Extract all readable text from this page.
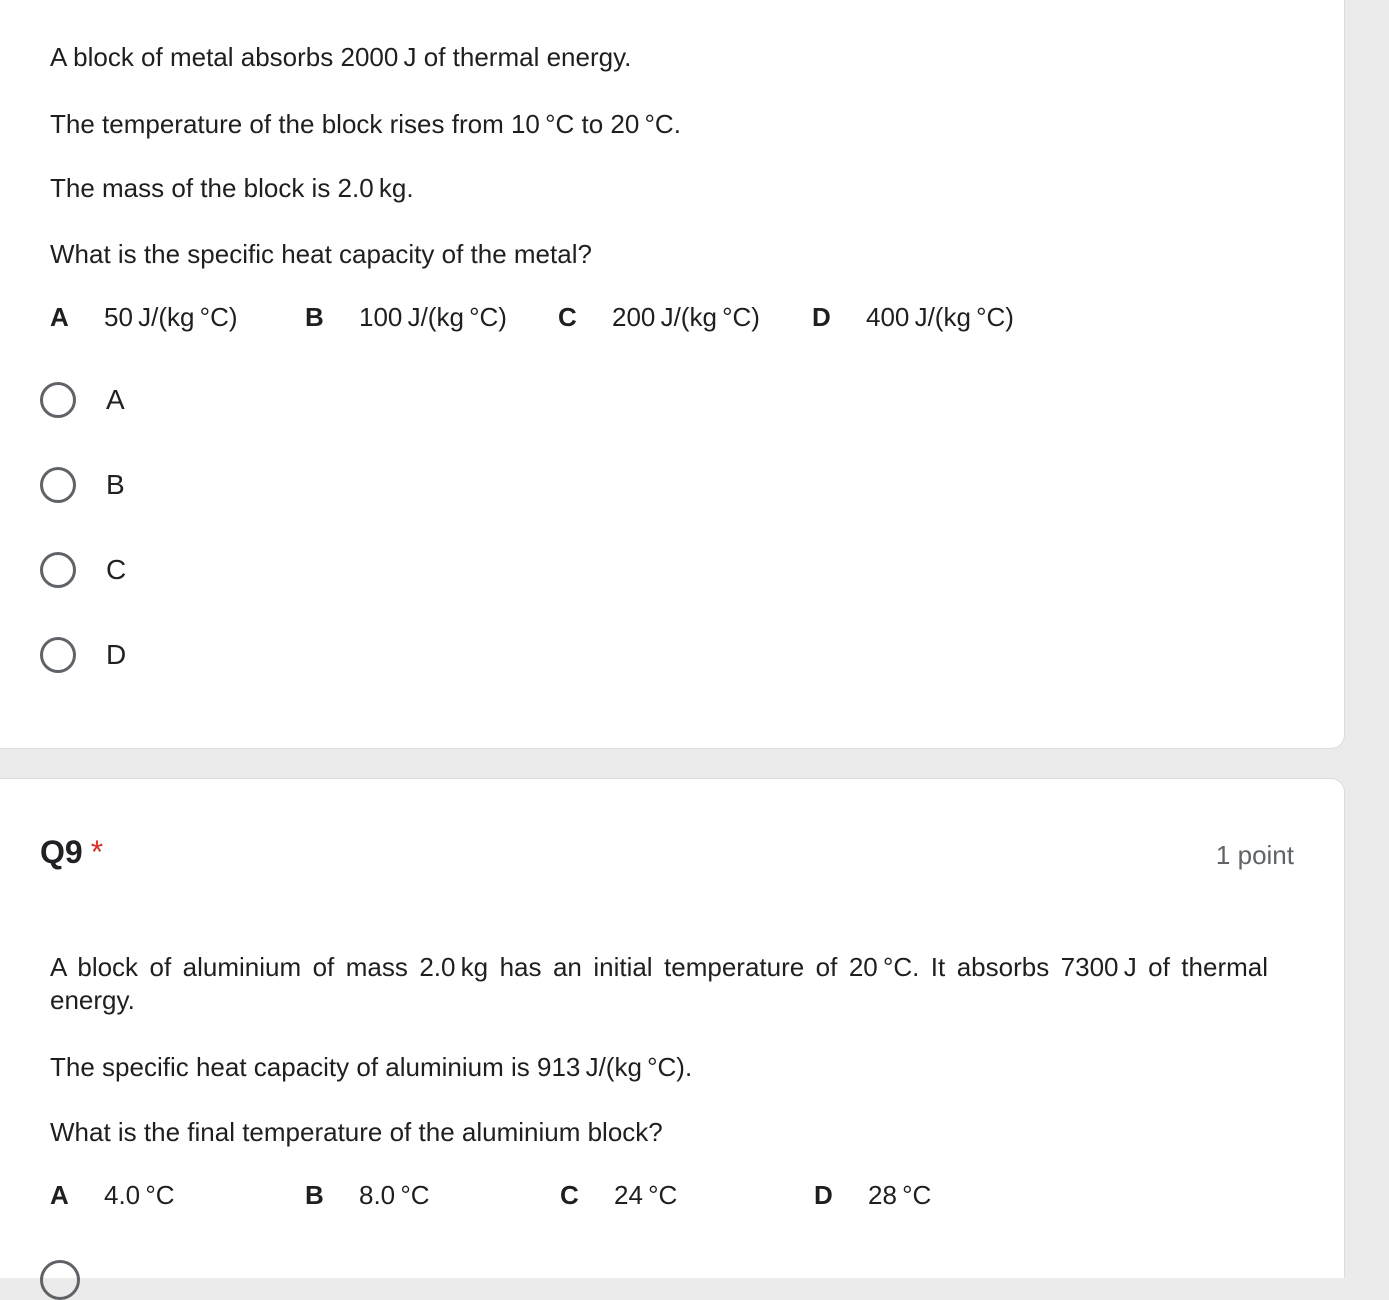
A block of metal absorbs 2000 J of thermal energy.
The temperature of the block rises from 10 °C to 20 °C.
The mass of the block is 2.0 kg.
What is the specific heat capacity of the metal?
A 50 J/(kg °C)	B 100 J/(kg °C) C 200 J/(kg °C) D 400 J/(kg °C)
A
B
C
D
Q9 *	1 point
A block of aluminium of mass 2.0 kg has an initial temperature of 20 °C. It absorbs 7300 J of thermal energy.
The specific heat capacity of aluminium is 913 J/(kg °C).
What is the final temperature of the aluminium block?
A 4.0 °C	B 8.0 °C	C 24 °C	D 28 °C
